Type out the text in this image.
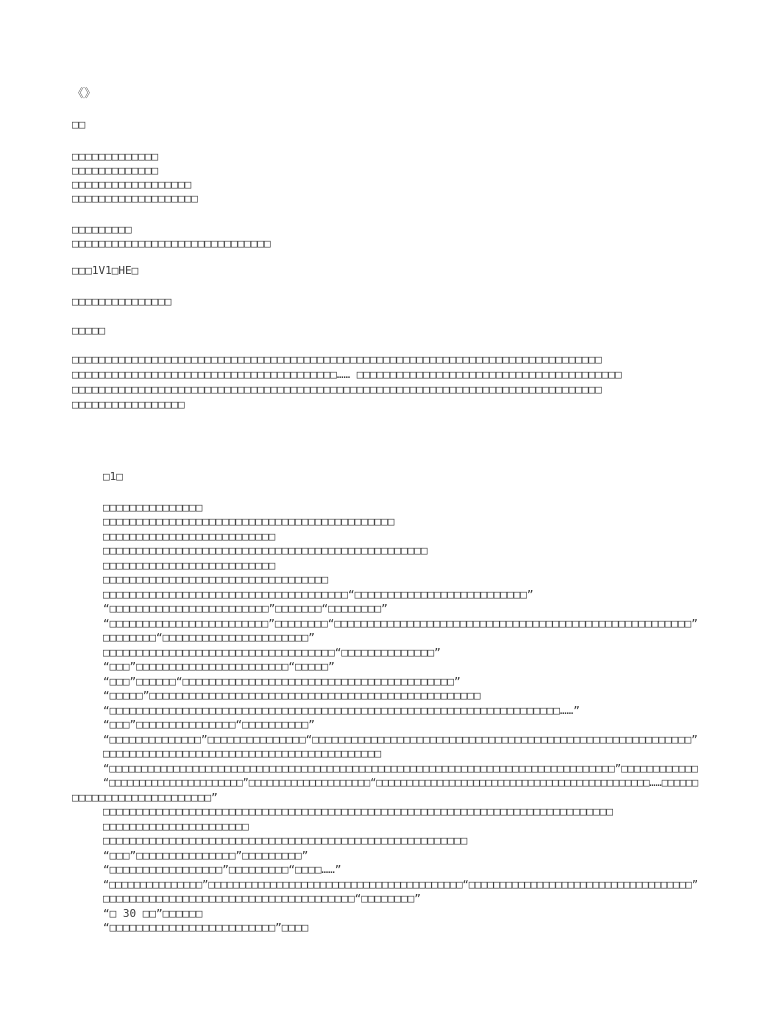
《》
□□
□□□□□□□□□□□□□
□□□□□□□□□□□□□
□□□□□□□□□□□□□□□□□□
□□□□□□□□□□□□□□□□□□□
□□□□□□□□□
□□□□□□□□□□□□□□□□□□□□□□□□□□□□□□
□□□1V1□HE□
□□□□□□□□□□□□□□□
□□□□□
□□□□□□□□□□□□□□□□□□□□□□□□□□□□□□□□□□□□□□□□□□□□□□□□□□□□□□□□□□□□□□□□□□□□□□□□□□□□□□□□
□□□□□□□□□□□□□□□□□□□□□□□□□□□□□□□□□□□□□□□□…… □□□□□□□□□□□□□□□□□□□□□□□□□□□□□□□□□□□□□□□□
□□□□□□□□□□□□□□□□□□□□□□□□□□□□□□□□□□□□□□□□□□□□□□□□□□□□□□□□□□□□□□□□□□□□□□□□□□□□□□□□
□□□□□□□□□□□□□□□□□
□1□
□□□□□□□□□□□□□□□
□□□□□□□□□□□□□□□□□□□□□□□□□□□□□□□□□□□□□□□□□□□□
□□□□□□□□□□□□□□□□□□□□□□□□□□
□□□□□□□□□□□□□□□□□□□□□□□□□□□□□□□□□□□□□□□□□□□□□□□□□
□□□□□□□□□□□□□□□□□□□□□□□□□□
□□□□□□□□□□□□□□□□□□□□□□□□□□□□□□□□□□
□□□□□□□□□□□□□□□□□□□□□□□□□□□□□□□□□□□□□“□□□□□□□□□□□□□□□□□□□□□□□□□□”
“□□□□□□□□□□□□□□□□□□□□□□□□”□□□□□□□“□□□□□□□□”
“□□□□□□□□□□□□□□□□□□□□□□□□”□□□□□□□□“□□□□□□□□□□□□□□□□□□□□□□□□□□□□□□□□□□□□□□□□□□□□□□□□□□□□□□”
□□□□□□□□“□□□□□□□□□□□□□□□□□□□□□□”
□□□□□□□□□□□□□□□□□□□□□□□□□□□□□□□□□□□“□□□□□□□□□□□□□□”
“□□□”□□□□□□□□□□□□□□□□□□□□□□□“□□□□□”
“□□□”□□□□□□“□□□□□□□□□□□□□□□□□□□□□□□□□□□□□□□□□□□□□□□□□”
“□□□□□”□□□□□□□□□□□□□□□□□□□□□□□□□□□□□□□□□□□□□□□□□□□□□□□□□□
“□□□□□□□□□□□□□□□□□□□□□□□□□□□□□□□□□□□□□□□□□□□□□□□□□□□□□□□□□□□□□□□□□□□□……”
“□□□”□□□□□□□□□□□□□□□“□□□□□□□□□□”
“□□□□□□□□□□□□□□”□□□□□□□□□□□□□□□“□□□□□□□□□□□□□□□□□□□□□□□□□□□□□□□□□□□□□□□□□□□□□□□□□□□□□□□□□□”
□□□□□□□□□□□□□□□□□□□□□□□□□□□□□□□□□□□□□□□□□□
“□□□□□□□□□□□□□□□□□□□□□□□□□□□□□□□□□□□□□□□□□□□□□□□□□□□□□□□□□□□□□□□□□□□□□□□□□□□□□□□”□□□□□□□□□□□□
“□□□□□□□□□□□□□□□□□□□□□□”□□□□□□□□□□□□□□□□□□□□“□□□□□□□□□□□□□□□□□□□□□□□□□□□□□□□□□□□□□□□□□□□□□……□□□□□□
□□□□□□□□□□□□□□□□□□□□□”
□□□□□□□□□□□□□□□□□□□□□□□□□□□□□□□□□□□□□□□□□□□□□□□□□□□□□□□□□□□□□□□□□□□□□□□□□□□□□
□□□□□□□□□□□□□□□□□□□□□□
□□□□□□□□□□□□□□□□□□□□□□□□□□□□□□□□□□□□□□□□□□□□□□□□□□□□□□□
“□□□”□□□□□□□□□□□□□□□”□□□□□□□□□”
“□□□□□□□□□□□□□□□□□”□□□□□□□□□“□□□□……”
“□□□□□□□□□□□□□□□”□□□□□□□□□□□□□□□□□□□□□□□□□□□□□□□□□□□□□□□□□“□□□□□□□□□□□□□□□□□□□□□□□□□□□□□□□□□□□□”
□□□□□□□□□□□□□□□□□□□□□□□□□□□□□□□□□□□□□□“□□□□□□□□”
“□ 30 □□”□□□□□□
“□□□□□□□□□□□□□□□□□□□□□□□□□”□□□□
